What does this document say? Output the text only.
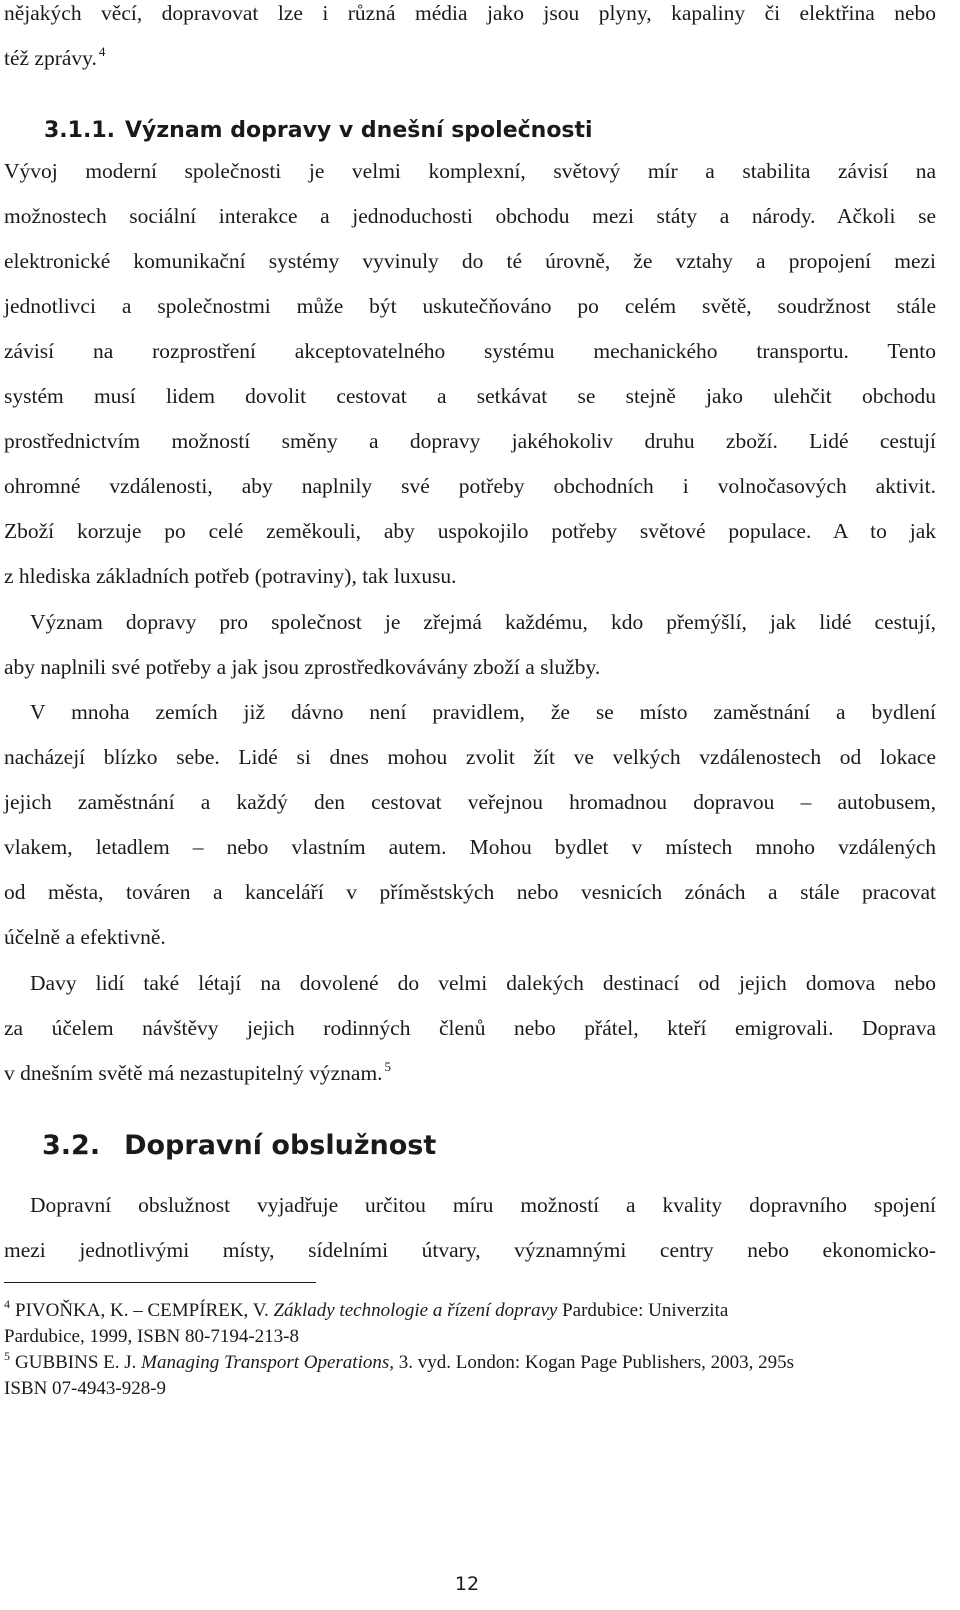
nějakých věcí, dopravovat lze i různá média jako jsou plyny, kapaliny či elektřina nebo
též zprávy. $^4$
3.1.1. Význam dopravy v dnešní společnosti
Vývoj moderní společnosti je velmi komplexní, světový mír a stabilita závisí na
možnostech sociální interakce a jednoduchosti obchodu mezi státy a národy. Ačkoli se
elektronické komunikační systémy vyvinuly do té úrovně, že vztahy a propojení mezi
jednotlivci a společnostmi může být uskutečňováno po celém světě, soudržnost stále
závisí na rozprostření akceptovatelného systému mechanického transportu. Tento
systém musí lidem dovolit cestovat a setkávat se stejně jako ulehčit obchodu
prostřednictvím možností směny a dopravy jakéhokoliv druhu zboží. Lidé cestují
ohromné vzdálenosti, aby naplnily své potřeby obchodních i volnočasových aktivit.
Zboží korzuje po celé zeměkouli, aby uspokojilo potřeby světové populace. A to jak
z hlediska základních potřeb (potraviny), tak luxusu.
Význam dopravy pro společnost je zřejmá každému, kdo přemýšlí, jak lidé cestují,
aby naplnili své potřeby a jak jsou zprostředkovávány zboží a služby.
V mnoha zemích již dávno není pravidlem, že se místo zaměstnání a bydlení
nacházejí blízko sebe. Lidé si dnes mohou zvolit žít ve velkých vzdálenostech od lokace
jejich zaměstnání a každý den cestovat veřejnou hromadnou dopravou – autobusem,
vlakem, letadlem – nebo vlastním autem. Mohou bydlet v místech mnoho vzdálených
od města, továren a kanceláří v příměstských nebo vesnicích zónách a stále pracovat
účelně a efektivně.
Davy lidí také létají na dovolené do velmi dalekých destinací od jejich domova nebo
za účelem návštěvy jejich rodinných členů nebo přátel, kteří emigrovali. Doprava
v dnešním světě má nezastupitelný význam. $^5$
3.2. Dopravní obslužnost
Dopravní obslužnost vyjadřuje určitou míru možností a kvality dopravního spojení
mezi jednotlivými místy, sídelními útvary, významnými centry nebo ekonomicko-
$^4$ PIVOŇKA, K. – CEMPÍREK, V. Základy technologie a řízení dopravy Pardubice: Univerzita
Pardubice, 1999, ISBN 80-7194-213-8
$^5$ GUBBINS E. J. Managing Transport Operations, 3. vyd. London: Kogan Page Publishers, 2003, 295s
ISBN 07-4943-928-9
12
